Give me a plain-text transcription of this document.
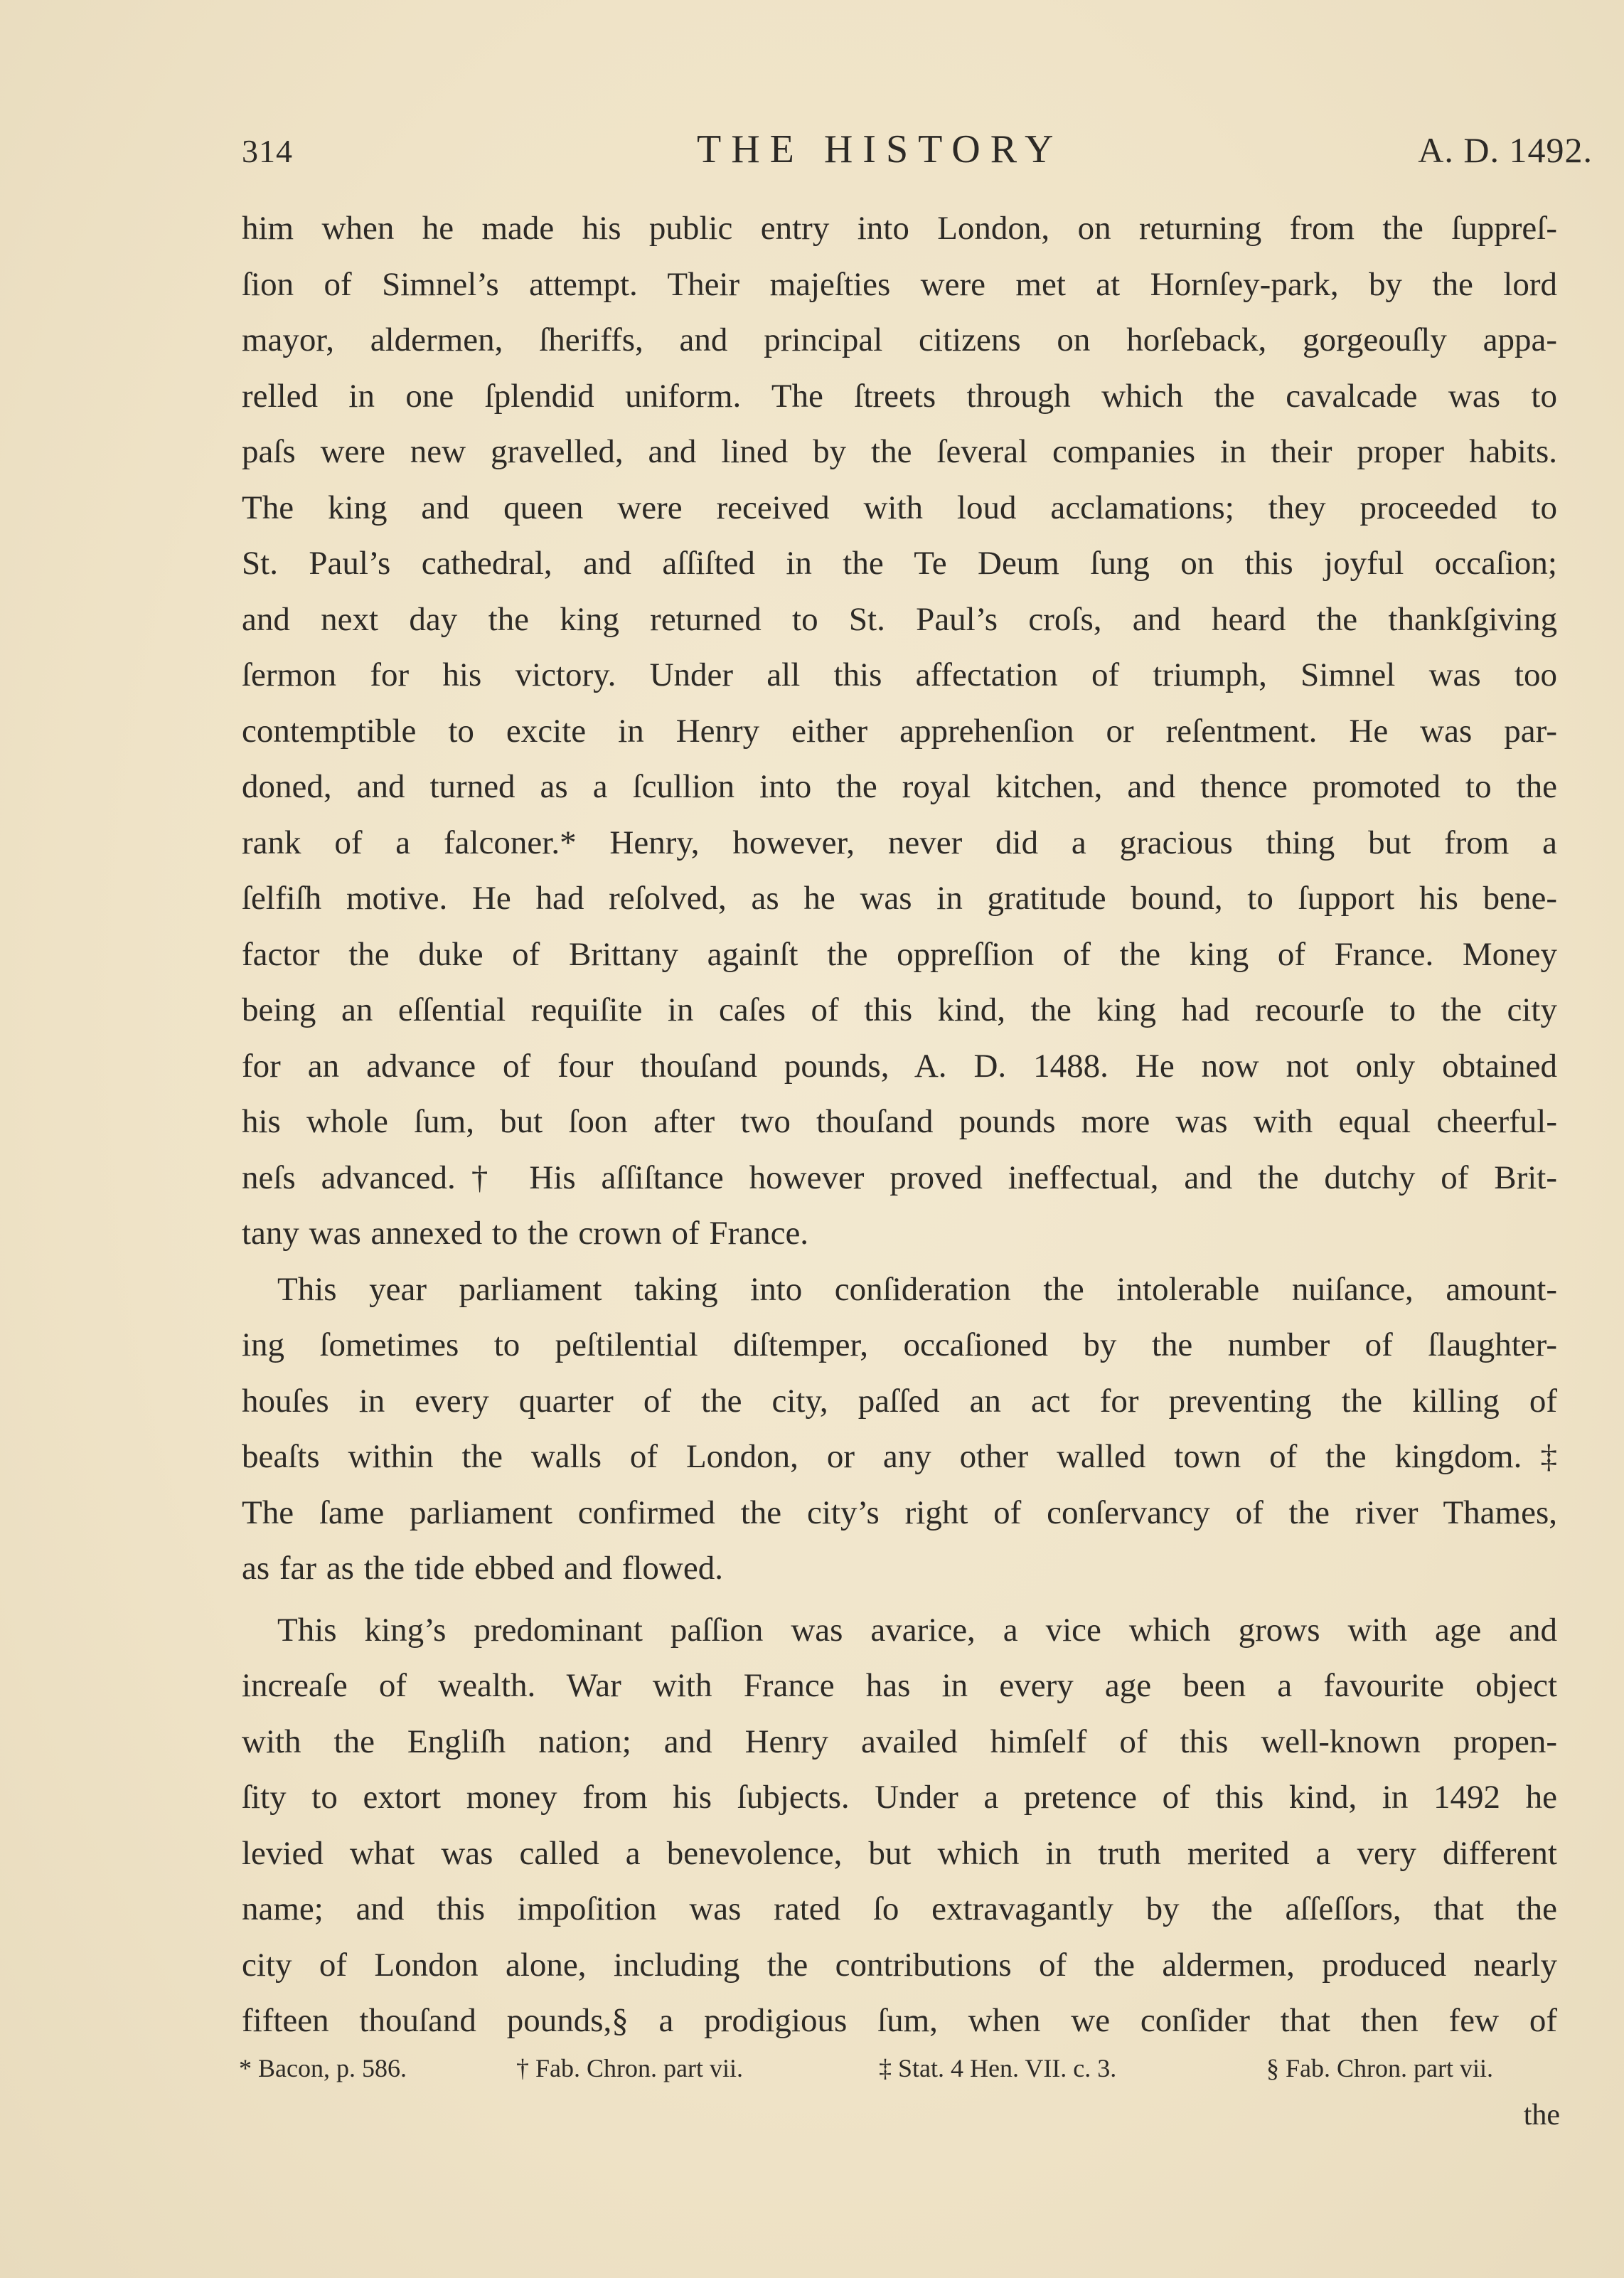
314	THE HISTORY	A. D. 1492.
him when he made his public entry into London, on returning from the ſuppreſ-
ſion of Simnel’s attempt. Their majeſties were met at Hornſey-park, by the lord
mayor, aldermen, ſheriffs, and principal citizens on horſeback, gorgeouſly appa-
relled in one ſplendid uniform. The ſtreets through which the cavalcade was to
paſs were new gravelled, and lined by the ſeveral companies in their proper habits.
The king and queen were received with loud acclamations; they proceeded to
St. Paul’s cathedral, and aſſiſted in the Te Deum ſung on this joyful occaſion;
and next day the king returned to St. Paul’s croſs, and heard the thankſgiving
ſermon for his victory. Under all this affectation of triumph, Simnel was too
contemptible to excite in Henry either apprehenſion or reſentment. He was par-
doned, and turned as a ſcullion into the royal kitchen, and thence promoted to the
rank of a falconer.* Henry, however, never did a gracious thing but from a
ſelfiſh motive. He had reſolved, as he was in gratitude bound, to ſupport his bene-
factor the duke of Brittany againſt the oppreſſion of the king of France. Money
being an eſſential requiſite in caſes of this kind, the king had recourſe to the city
for an advance of four thouſand pounds, A. D. 1488. He now not only obtained
his whole ſum, but ſoon after two thouſand pounds more was with equal cheerful-
neſs advanced.† His aſſiſtance however proved ineffectual, and the dutchy of Brit-
tany was annexed to the crown of France.
This year parliament taking into conſideration the intolerable nuiſance, amount-
ing ſometimes to peſtilential diſtemper, occaſioned by the number of ſlaughter-
houſes in every quarter of the city, paſſed an act for preventing the killing of
beaſts within the walls of London, or any other walled town of the kingdom.‡
The ſame parliament confirmed the city’s right of conſervancy of the river Thames,
as far as the tide ebbed and flowed.
This king’s predominant paſſion was avarice, a vice which grows with age and
increaſe of wealth. War with France has in every age been a favourite object
with the Engliſh nation; and Henry availed himſelf of this well-known propen-
ſity to extort money from his ſubjects. Under a pretence of this kind, in 1492 he
levied what was called a benevolence, but which in truth merited a very different
name; and this impoſition was rated ſo extravagantly by the aſſeſſors, that the
city of London alone, including the contributions of the aldermen, produced nearly
fifteen thouſand pounds,§ a prodigious ſum, when we conſider that then few of
* Bacon, p. 586.	† Fab. Chron. part vii.	‡ Stat. 4 Hen. VII. c. 3.	§ Fab. Chron. part vii.
the
